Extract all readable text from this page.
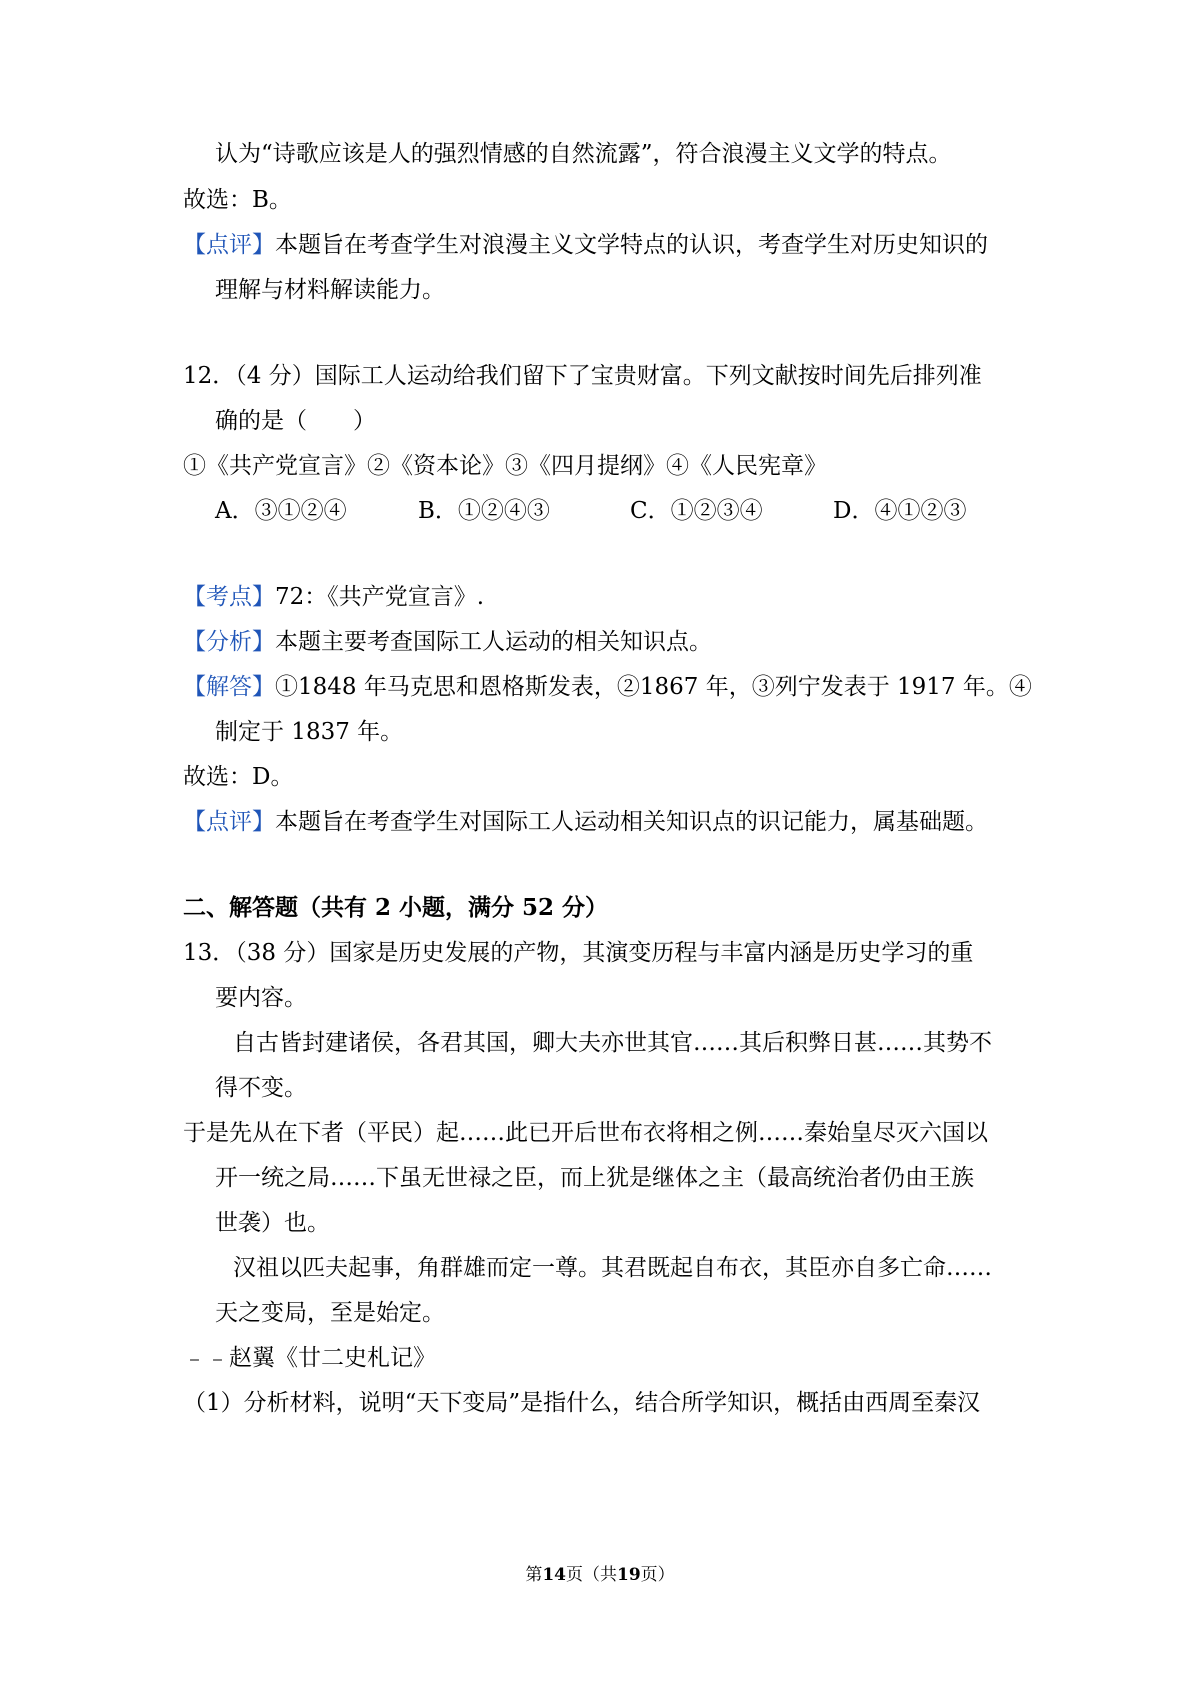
认为“诗歌应该是人的强烈情感的自然流露”，符合浪漫主义文学的特点。

故选：B。

【点评】本题旨在考查学生对浪漫主义文学特点的认识，考查学生对历史知识的

理解与材料解读能力。

12．（4 分）国际工人运动给我们留下了宝贵财富。下列文献按时间先后排列准

确的是（　　）

①《共产党宣言》②《资本论》③《四月提纲》④《人民宪章》

A．③①②④	B．①②④③	C．①②③④	D．④①②③

【考点】72：《共产党宣言》.

【分析】本题主要考查国际工人运动的相关知识点。

【解答】①1848 年马克思和恩格斯发表，②1867 年，③列宁发表于 1917 年。④

制定于 1837 年。

故选：D。

【点评】本题旨在考查学生对国际工人运动相关知识点的识记能力，属基础题。

二、解答题（共有 2 小题，满分 52 分）

13．（38 分）国家是历史发展的产物，其演变历程与丰富内涵是历史学习的重

要内容。

自古皆封建诸侯，各君其国，卿大夫亦世其官……其后积弊日甚……其势不

得不变。

于是先从在下者（平民）起……此已开后世布衣将相之例……秦始皇尽灭六国以

开一统之局……下虽无世禄之臣，而上犹是继体之主（最高统治者仍由王族

世袭）也。

汉祖以匹夫起事，角群雄而定一尊。其君既起自布衣，其臣亦自多亡命……

天之变局，至是始定。

﹣﹣赵翼《廿二史札记》

（1）分析材料，说明“天下变局”是指什么，结合所学知识，概括由西周至秦汉

第14页（共19页）
